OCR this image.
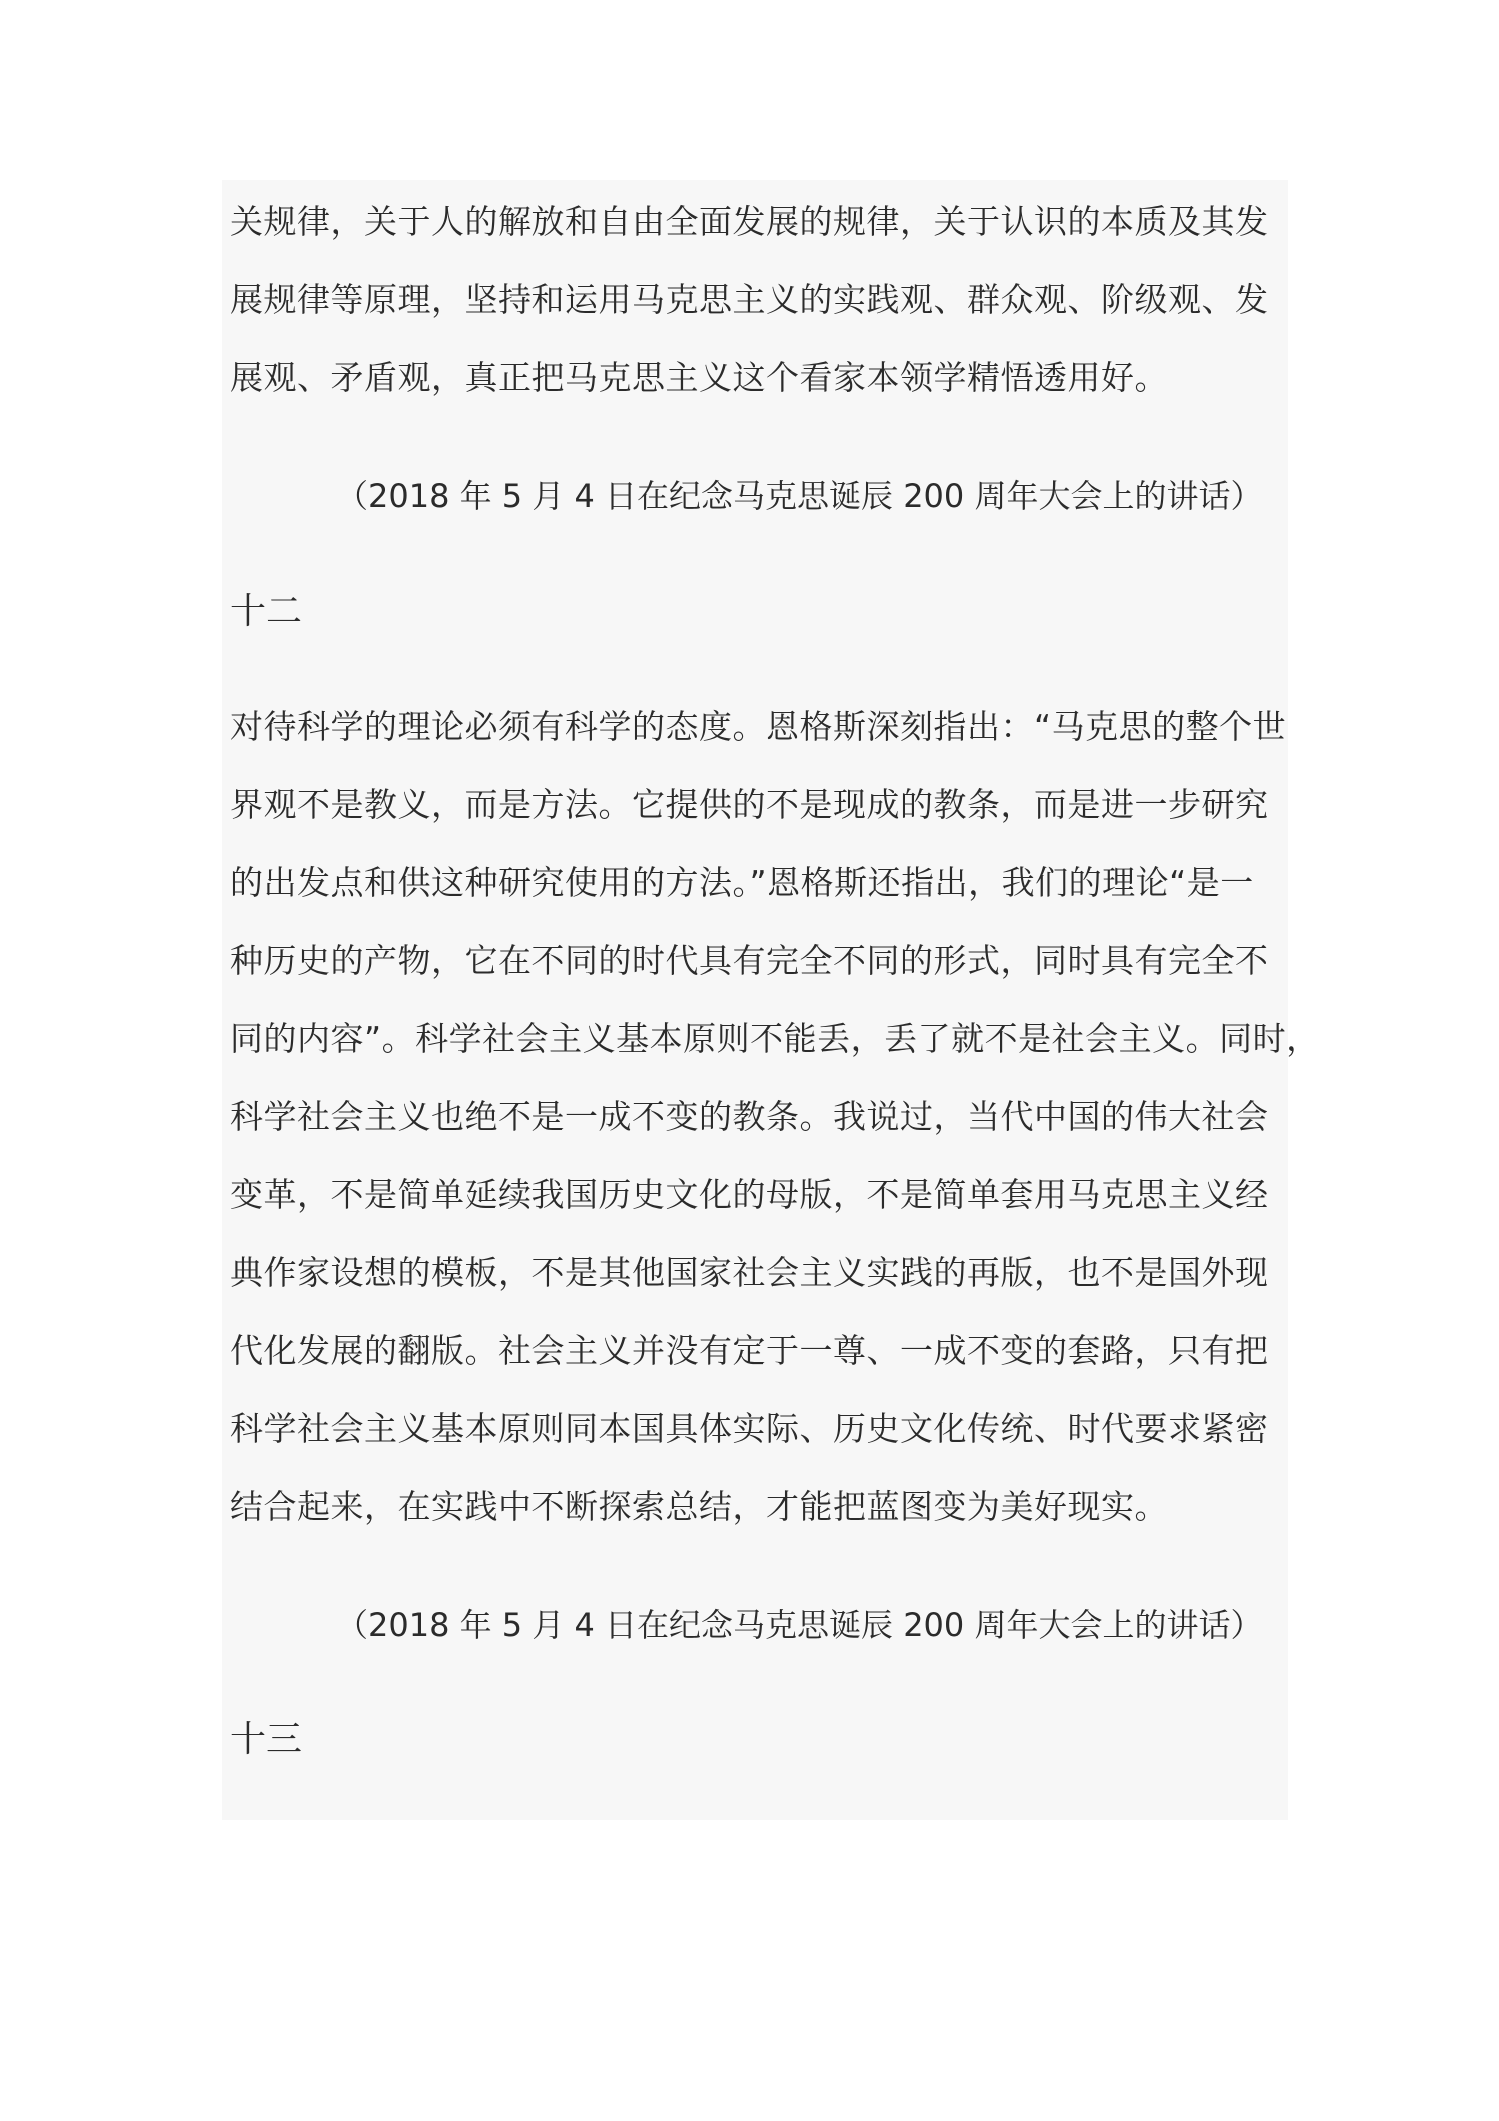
关规律，关于人的解放和自由全面发展的规律，关于认识的本质及其发
展规律等原理，坚持和运用马克思主义的实践观、群众观、阶级观、发
展观、矛盾观，真正把马克思主义这个看家本领学精悟透用好。
（2018 年 5 月 4 日在纪念马克思诞辰 200 周年大会上的讲话）
十二
对待科学的理论必须有科学的态度。恩格斯深刻指出：“马克思的整个世
界观不是教义，而是方法。它提供的不是现成的教条，而是进一步研究
的出发点和供这种研究使用的方法。”恩格斯还指出，我们的理论“是一
种历史的产物，它在不同的时代具有完全不同的形式，同时具有完全不
同的内容”。科学社会主义基本原则不能丢，丢了就不是社会主义。同时，
科学社会主义也绝不是一成不变的教条。我说过，当代中国的伟大社会
变革，不是简单延续我国历史文化的母版，不是简单套用马克思主义经
典作家设想的模板，不是其他国家社会主义实践的再版，也不是国外现
代化发展的翻版。社会主义并没有定于一尊、一成不变的套路，只有把
科学社会主义基本原则同本国具体实际、历史文化传统、时代要求紧密
结合起来，在实践中不断探索总结，才能把蓝图变为美好现实。
（2018 年 5 月 4 日在纪念马克思诞辰 200 周年大会上的讲话）
十三
